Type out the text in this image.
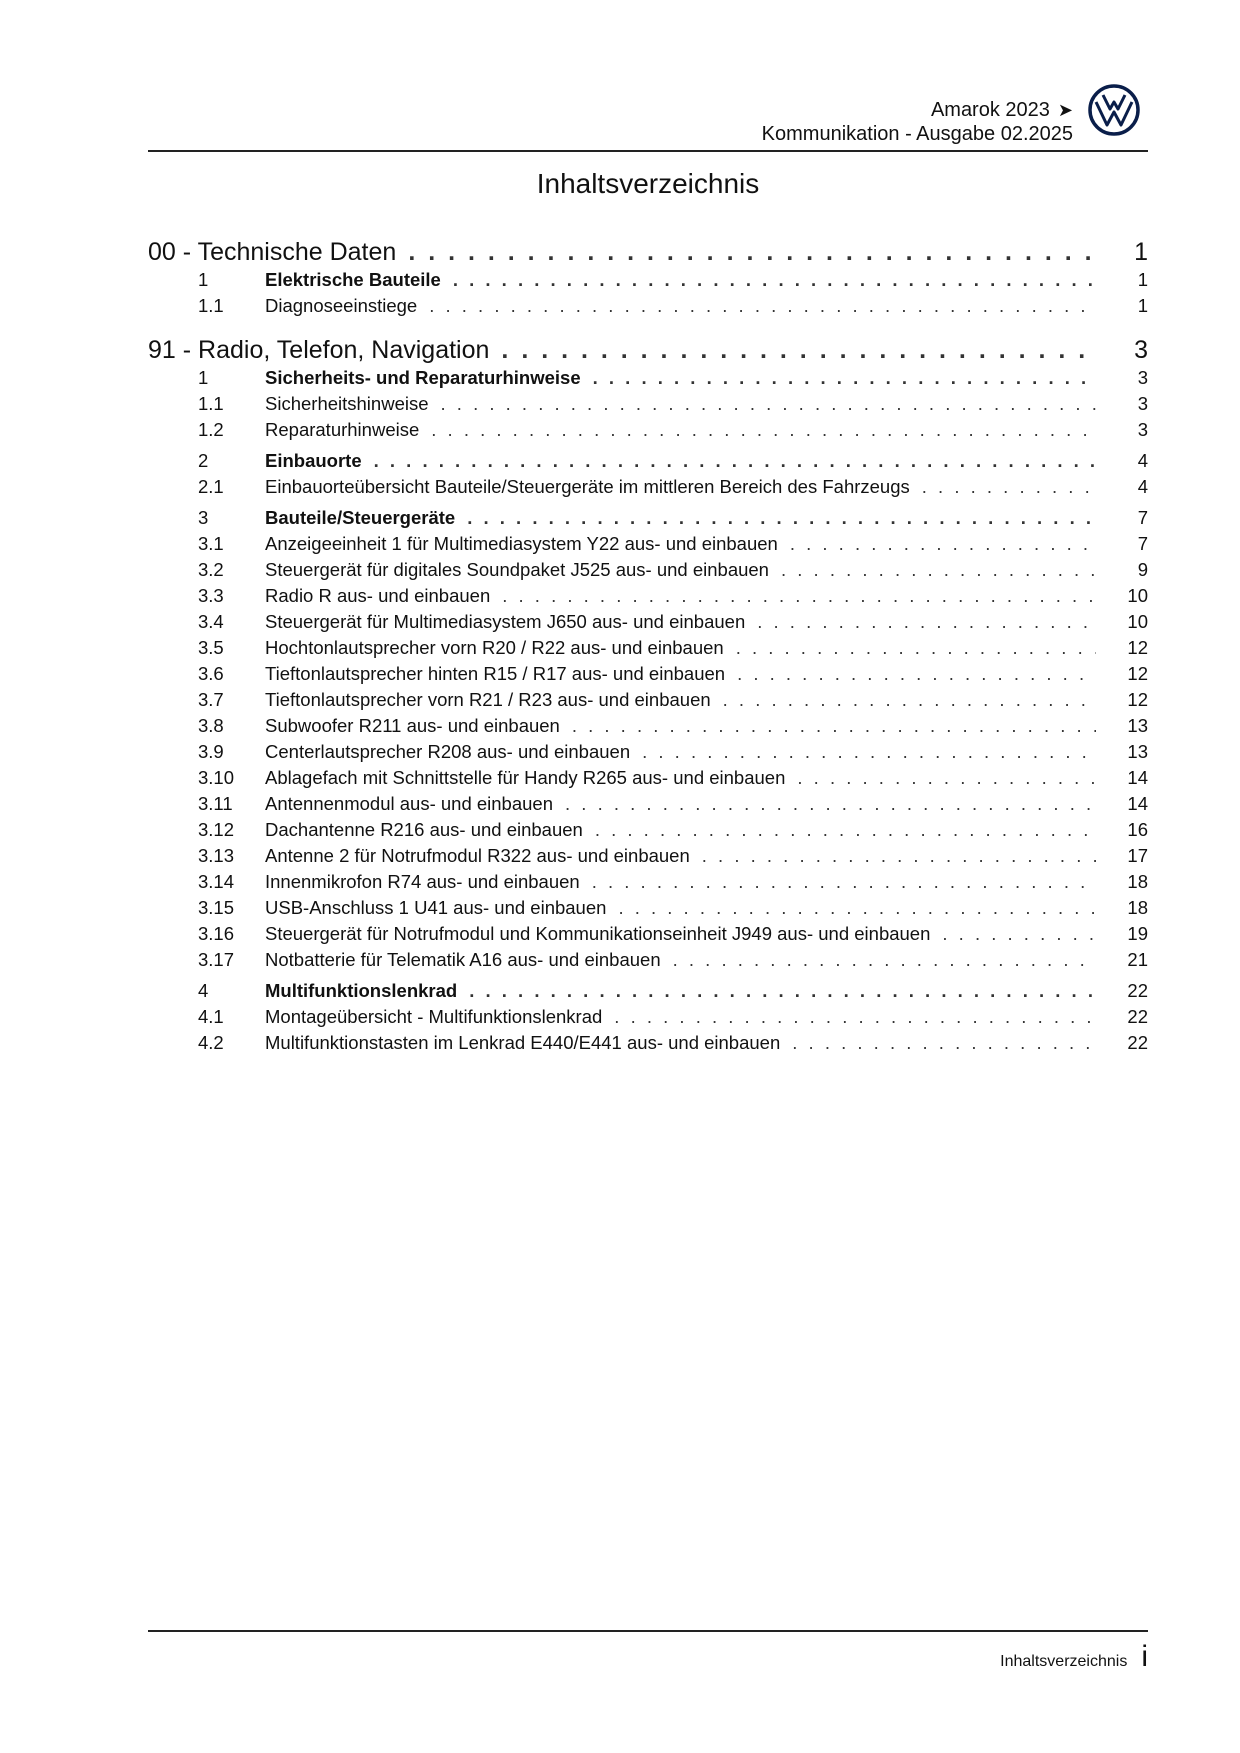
Amarok 2023 ➤
Kommunikation - Ausgabe 02.2025
Inhaltsverzeichnis
00 - Technische Daten . . .	1
1	Elektrische Bauteile . . .	1
1.1	Diagnoseeinstiege . . .	1
91 - Radio, Telefon, Navigation . . .	3
1	Sicherheits- und Reparaturhinweise . . .	3
1.1	Sicherheitshinweise . . .	3
1.2	Reparaturhinweise . . .	3
2	Einbauorte . . .	4
2.1	Einbauorteübersicht Bauteile/Steuergeräte im mittleren Bereich des Fahrzeugs . . .	4
3	Bauteile/Steuergeräte . . .	7
3.1	Anzeigeeinheit 1 für Multimediasystem Y22 aus- und einbauen . . .	7
3.2	Steuergerät für digitales Soundpaket J525 aus- und einbauen . . .	9
3.3	Radio R aus- und einbauen . . .	10
3.4	Steuergerät für Multimediasystem J650 aus- und einbauen . . .	10
3.5	Hochtonlautsprecher vorn R20 / R22 aus- und einbauen . . .	12
3.6	Tieftonlautsprecher hinten R15 / R17 aus- und einbauen . . .	12
3.7	Tieftonlautsprecher vorn R21 / R23 aus- und einbauen . . .	12
3.8	Subwoofer R211 aus- und einbauen . . .	13
3.9	Centerlautsprecher R208 aus- und einbauen . . .	13
3.10	Ablagefach mit Schnittstelle für Handy R265 aus- und einbauen . . .	14
3.11	Antennenmodul aus- und einbauen . . .	14
3.12	Dachantenne R216 aus- und einbauen . . .	16
3.13	Antenne 2 für Notrufmodul R322 aus- und einbauen . . .	17
3.14	Innenmikrofon R74 aus- und einbauen . . .	18
3.15	USB-Anschluss 1 U41 aus- und einbauen . . .	18
3.16	Steuergerät für Notrufmodul und Kommunikationseinheit J949 aus- und einbauen . . .	19
3.17	Notbatterie für Telematik A16 aus- und einbauen . . .	21
4	Multifunktionslenkrad . . .	22
4.1	Montageübersicht - Multifunktionslenkrad . . .	22
4.2	Multifunktionstasten im Lenkrad E440/E441 aus- und einbauen . . .	22
Inhaltsverzeichnis i
